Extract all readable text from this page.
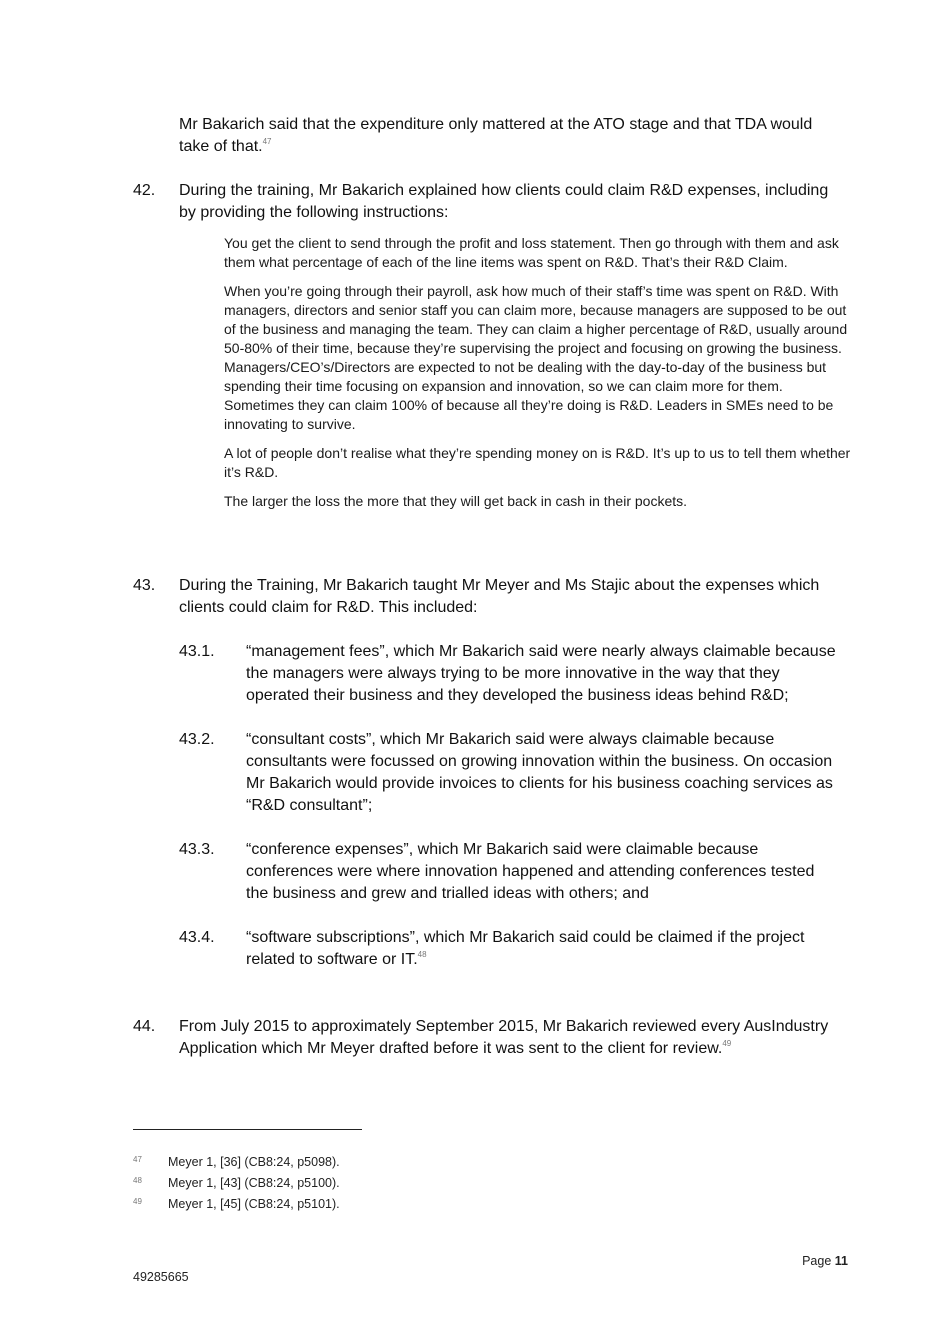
Mr Bakarich said that the expenditure only mattered at the ATO stage and that TDA would take of that.$^{47}$
42. During the training, Mr Bakarich explained how clients could claim R&D expenses, including by providing the following instructions:

You get the client to send through the profit and loss statement. Then go through with them and ask them what percentage of each of the line items was spent on R&D. That’s their R&D Claim.

When you’re going through their payroll, ask how much of their staff’s time was spent on R&D. With managers, directors and senior staff you can claim more, because managers are supposed to be out of the business and managing the team. They can claim a higher percentage of R&D, usually around 50-80% of their time, because they’re supervising the project and focusing on growing the business. Managers/CEO’s/Directors are expected to not be dealing with the day-to-day of the business but spending their time focusing on expansion and innovation, so we can claim more for them. Sometimes they can claim 100% of because all they’re doing is R&D. Leaders in SMEs need to be innovating to survive.

A lot of people don’t realise what they’re spending money on is R&D. It’s up to us to tell them whether it’s R&D.

The larger the loss the more that they will get back in cash in their pockets.

43. During the Training, Mr Bakarich taught Mr Meyer and Ms Stajic about the expenses which clients could claim for R&D. This included:
43.1. “management fees”, which Mr Bakarich said were nearly always claimable because the managers were always trying to be more innovative in the way that they operated their business and they developed the business ideas behind R&D;
43.2. “consultant costs”, which Mr Bakarich said were always claimable because consultants were focussed on growing innovation within the business. On occasion Mr Bakarich would provide invoices to clients for his business coaching services as “R&D consultant”;
43.3. “conference expenses”, which Mr Bakarich said were claimable because conferences were where innovation happened and attending conferences tested the business and grew and trialled ideas with others; and
43.4. “software subscriptions”, which Mr Bakarich said could be claimed if the project related to software or IT.$^{48}$
44. From July 2015 to approximately September 2015, Mr Bakarich reviewed every AusIndustry Application which Mr Meyer drafted before it was sent to the client for review.$^{49}$
47 Meyer 1, [36] (CB8:24, p5098).
48 Meyer 1, [43] (CB8:24, p5100).
49 Meyer 1, [45] (CB8:24, p5101).
Page 11
49285665
